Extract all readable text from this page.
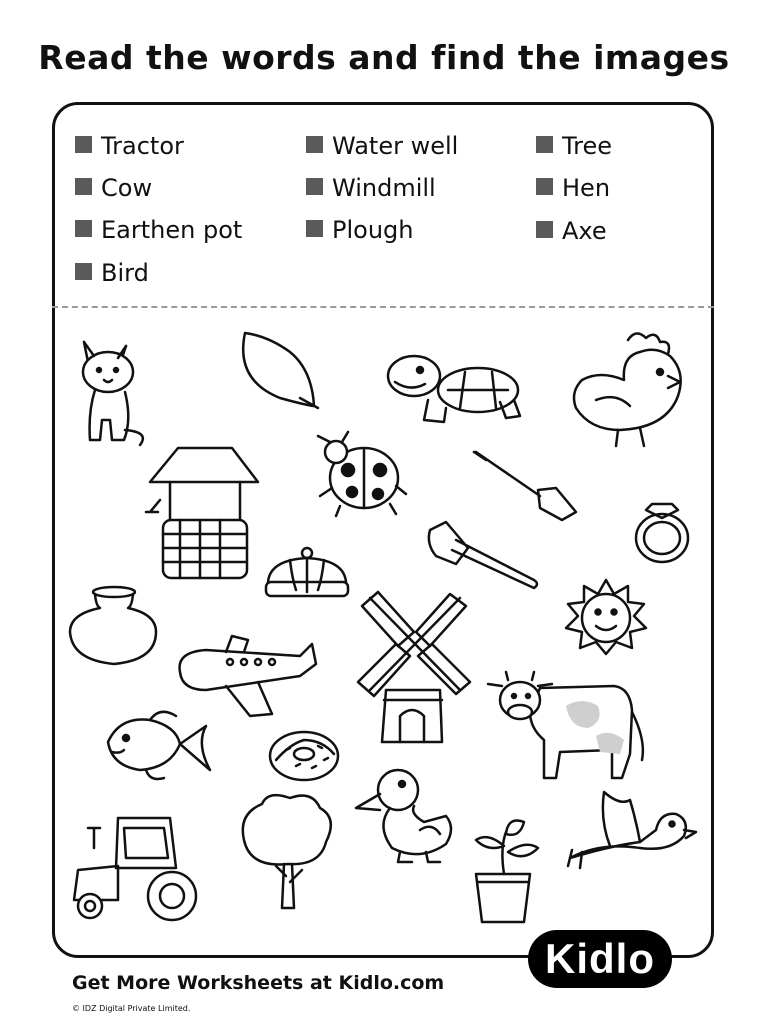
Read the words and find the images
Tractor
Cow
Earthen pot
Bird
Water well
Windmill
Plough
Tree
Hen
Axe
Get More Worksheets at Kidlo.com
© IDZ Digital Private Limited.
Kidlo
